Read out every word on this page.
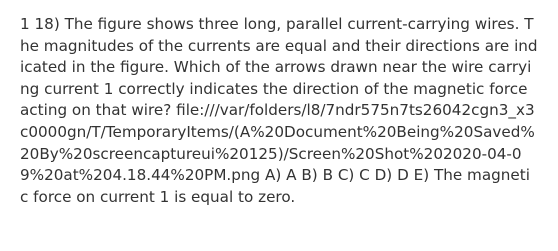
1 18) The figure shows three long, parallel current-carrying wires. The magnitudes of the currents are equal and their directions are indicated in the figure. Which of the arrows drawn near the wire carrying current 1 correctly indicates the direction of the magnetic force acting on that wire? file:///var/folders/l8/7ndr575n7ts26042cgn3_x3c0000gn/T/TemporaryItems/(A%20Document%20Being%20Saved%20By%20screencaptureui%20125)/Screen%20Shot%202020-04-09%20at%204.18.44%20PM.png A) A B) B C) C D) D E) The magnetic force on current 1 is equal to zero.
